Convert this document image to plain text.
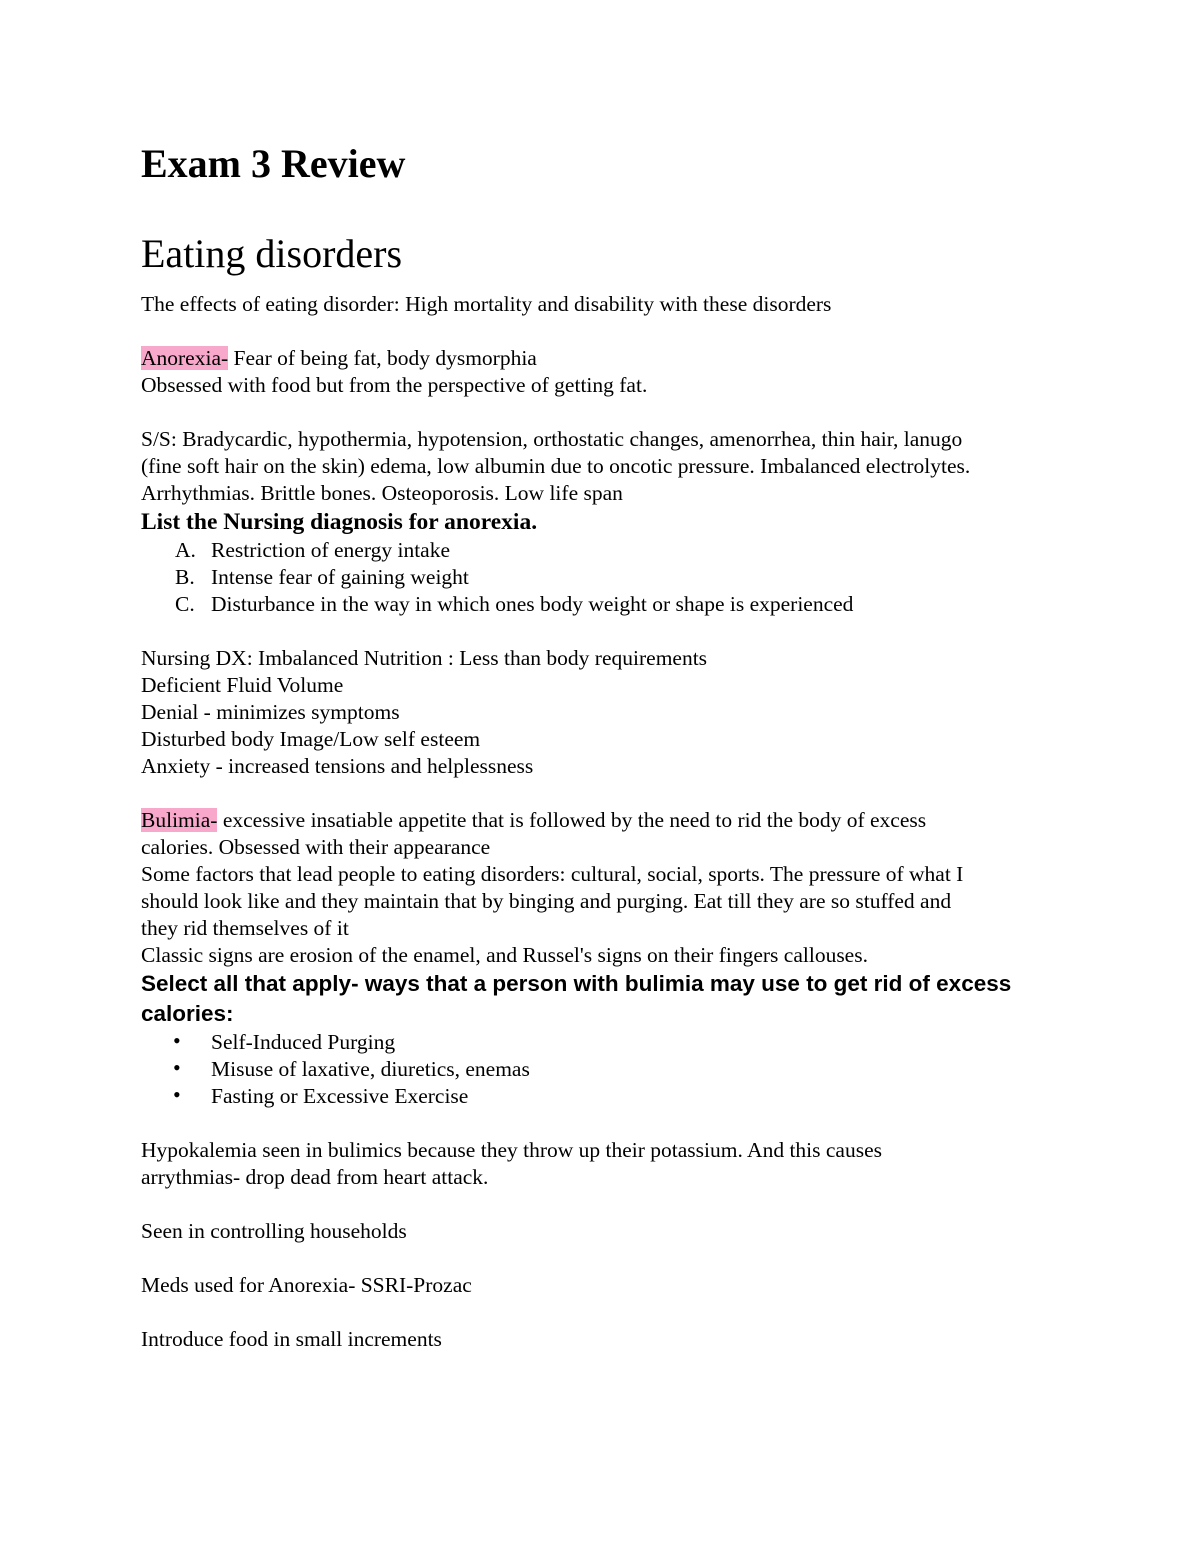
Exam 3 Review
Eating disorders

The effects of eating disorder: High mortality and disability with these disorders

Anorexia- Fear of being fat, body dysmorphia

Obsessed with food but from the perspective of getting fat.

S/S: Bradycardic, hypothermia, hypotension, orthostatic changes, amenorrhea, thin hair, lanugo

(fine soft hair on the skin) edema, low albumin due to oncotic pressure. Imbalanced electrolytes.

Arrhythmias. Brittle bones. Osteoporosis. Low life span

List the Nursing diagnosis for anorexia.

A. Restriction of energy intake
B. Intense fear of gaining weight
C. Disturbance in the way in which ones body weight or shape is experienced

Nursing DX: Imbalanced Nutrition : Less than body requirements

Deficient Fluid Volume

Denial - minimizes symptoms

Disturbed body Image/Low self esteem

Anxiety - increased tensions and helplessness

Bulimia- excessive insatiable appetite that is followed by the need to rid the body of excess

calories. Obsessed with their appearance

Some factors that lead people to eating disorders: cultural, social, sports. The pressure of what I

should look like and they maintain that by binging and purging. Eat till they are so stuffed and

they rid themselves of it

Classic signs are erosion of the enamel, and Russel's signs on their fingers callouses.

Select all that apply- ways that a person with bulimia may use to get rid of excess

calories:

• Self-Induced Purging
• Misuse of laxative, diuretics, enemas
• Fasting or Excessive Exercise

Hypokalemia seen in bulimics because they throw up their potassium. And this causes

arrythmias- drop dead from heart attack.

Seen in controlling households

Meds used for Anorexia- SSRI-Prozac

Introduce food in small increments
